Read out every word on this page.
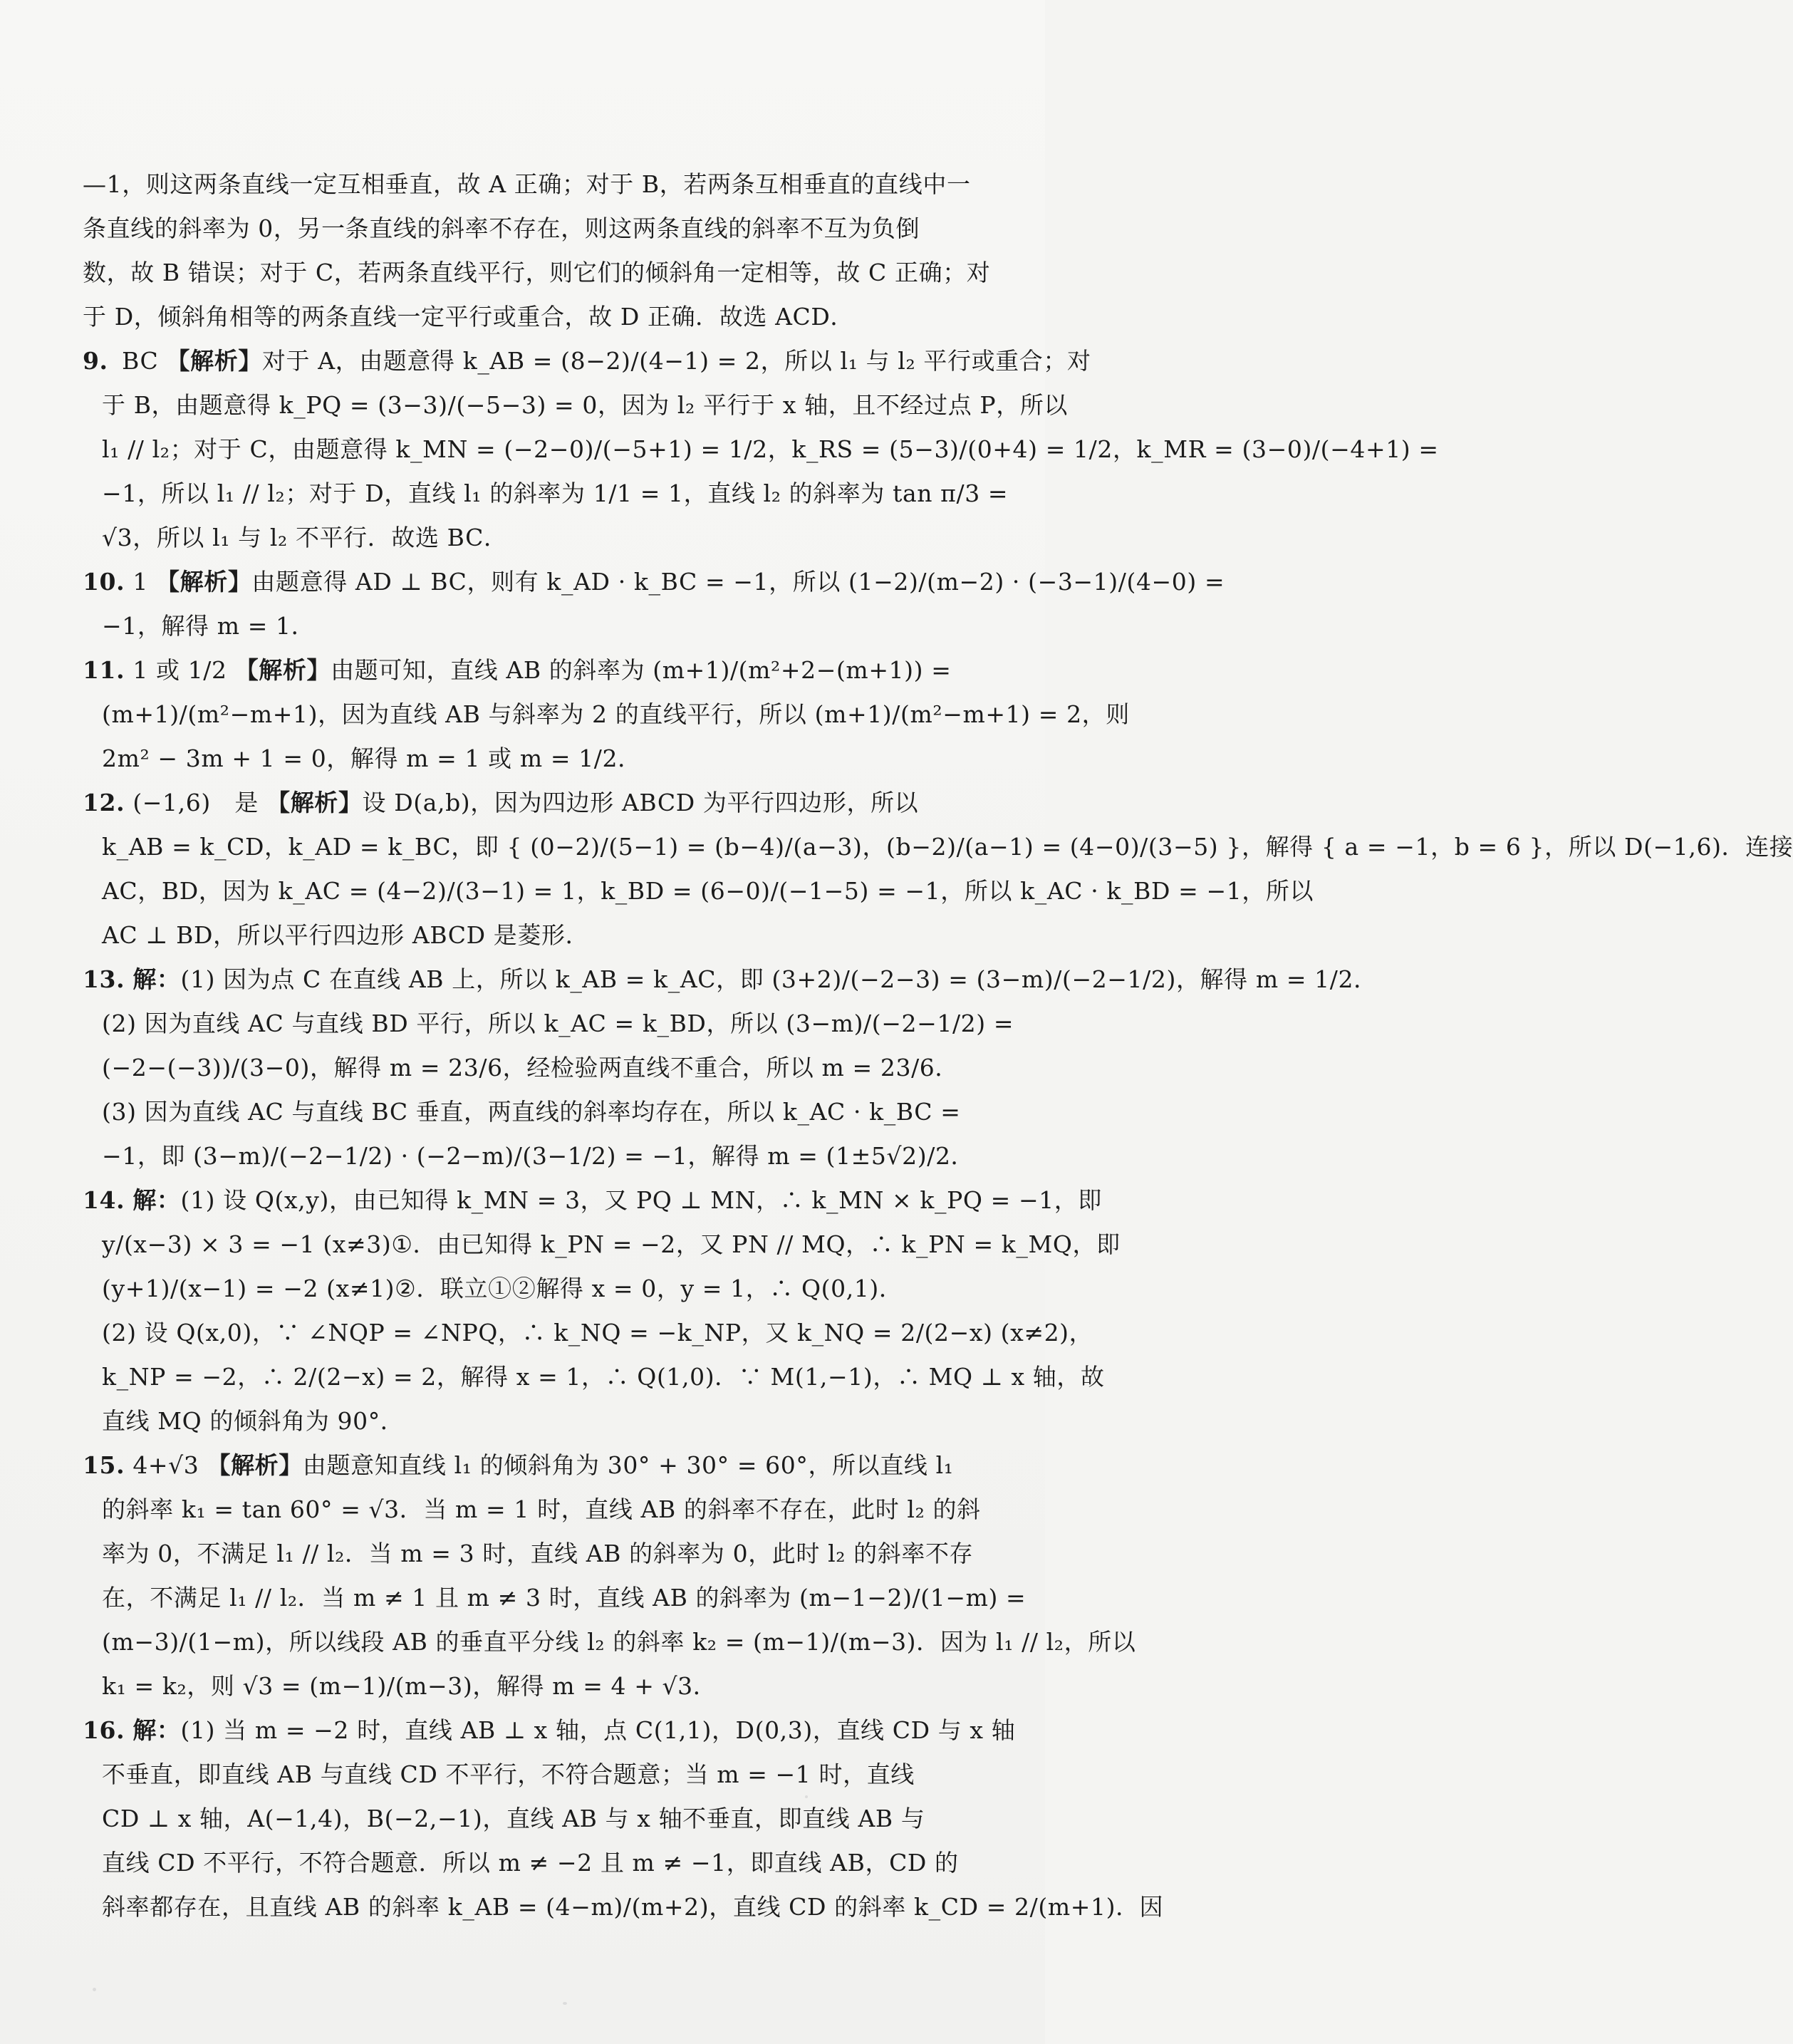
—1，则这两条直线一定互相垂直，故 A 正确；对于 B，若两条互相垂直的直线中一
条直线的斜率为 0，另一条直线的斜率不存在，则这两条直线的斜率不互为负倒
数，故 B 错误；对于 C，若两条直线平行，则它们的倾斜角一定相等，故 C 正确；对
于 D，倾斜角相等的两条直线一定平行或重合，故 D 正确．故选 ACD．
9. BC 【解析】对于 A，由题意得 k_AB = (8−2)/(4−1) = 2，所以 l₁ 与 l₂ 平行或重合；对
于 B，由题意得 k_PQ = (3−3)/(−5−3) = 0，因为 l₂ 平行于 x 轴，且不经过点 P，所以
l₁ // l₂；对于 C，由题意得 k_MN = (−2−0)/(−5+1) = 1/2，k_RS = (5−3)/(0+4) = 1/2，k_MR = (3−0)/(−4+1) =
−1，所以 l₁ // l₂；对于 D，直线 l₁ 的斜率为 1/1 = 1，直线 l₂ 的斜率为 tan π/3 =
√3，所以 l₁ 与 l₂ 不平行．故选 BC．
10. 1 【解析】由题意得 AD ⊥ BC，则有 k_AD · k_BC = −1，所以 (1−2)/(m−2) · (−3−1)/(4−0) =
−1，解得 m = 1．
11. 1 或 1/2 【解析】由题可知，直线 AB 的斜率为 (m+1)/(m²+2−(m+1)) =
(m+1)/(m²−m+1)，因为直线 AB 与斜率为 2 的直线平行，所以 (m+1)/(m²−m+1) = 2，则
2m² − 3m + 1 = 0，解得 m = 1 或 m = 1/2．
12. (−1,6)　是 【解析】设 D(a,b)，因为四边形 ABCD 为平行四边形，所以
k_AB = k_CD，k_AD = k_BC，即 { (0−2)/(5−1) = (b−4)/(a−3)，(b−2)/(a−1) = (4−0)/(3−5) }，解得 { a = −1，b = 6 }，所以 D(−1,6)．连接
AC，BD，因为 k_AC = (4−2)/(3−1) = 1，k_BD = (6−0)/(−1−5) = −1，所以 k_AC · k_BD = −1，所以
AC ⊥ BD，所以平行四边形 ABCD 是菱形．
13. 解：(1) 因为点 C 在直线 AB 上，所以 k_AB = k_AC，即 (3+2)/(−2−3) = (3−m)/(−2−1/2)，解得 m = 1/2．
(2) 因为直线 AC 与直线 BD 平行，所以 k_AC = k_BD，所以 (3−m)/(−2−1/2) =
(−2−(−3))/(3−0)，解得 m = 23/6，经检验两直线不重合，所以 m = 23/6．
(3) 因为直线 AC 与直线 BC 垂直，两直线的斜率均存在，所以 k_AC · k_BC =
−1，即 (3−m)/(−2−1/2) · (−2−m)/(3−1/2) = −1，解得 m = (1±5√2)/2．
14. 解：(1) 设 Q(x,y)，由已知得 k_MN = 3，又 PQ ⊥ MN，∴ k_MN × k_PQ = −1，即
y/(x−3) × 3 = −1 (x≠3)①．由已知得 k_PN = −2，又 PN // MQ，∴ k_PN = k_MQ，即
(y+1)/(x−1) = −2 (x≠1)②．联立①②解得 x = 0，y = 1，∴ Q(0,1)．
(2) 设 Q(x,0)，∵ ∠NQP = ∠NPQ，∴ k_NQ = −k_NP，又 k_NQ = 2/(2−x) (x≠2)，
k_NP = −2，∴ 2/(2−x) = 2，解得 x = 1，∴ Q(1,0)．∵ M(1,−1)，∴ MQ ⊥ x 轴，故
直线 MQ 的倾斜角为 90°．
15. 4+√3 【解析】由题意知直线 l₁ 的倾斜角为 30° + 30° = 60°，所以直线 l₁
的斜率 k₁ = tan 60° = √3．当 m = 1 时，直线 AB 的斜率不存在，此时 l₂ 的斜
率为 0，不满足 l₁ // l₂．当 m = 3 时，直线 AB 的斜率为 0，此时 l₂ 的斜率不存
在，不满足 l₁ // l₂．当 m ≠ 1 且 m ≠ 3 时，直线 AB 的斜率为 (m−1−2)/(1−m) =
(m−3)/(1−m)，所以线段 AB 的垂直平分线 l₂ 的斜率 k₂ = (m−1)/(m−3)．因为 l₁ // l₂，所以
k₁ = k₂，则 √3 = (m−1)/(m−3)，解得 m = 4 + √3．
16. 解：(1) 当 m = −2 时，直线 AB ⊥ x 轴，点 C(1,1)，D(0,3)，直线 CD 与 x 轴
不垂直，即直线 AB 与直线 CD 不平行，不符合题意；当 m = −1 时，直线
CD ⊥ x 轴，A(−1,4)，B(−2,−1)，直线 AB 与 x 轴不垂直，即直线 AB 与
直线 CD 不平行，不符合题意．所以 m ≠ −2 且 m ≠ −1，即直线 AB，CD 的
斜率都存在，且直线 AB 的斜率 k_AB = (4−m)/(m+2)，直线 CD 的斜率 k_CD = 2/(m+1)．因
